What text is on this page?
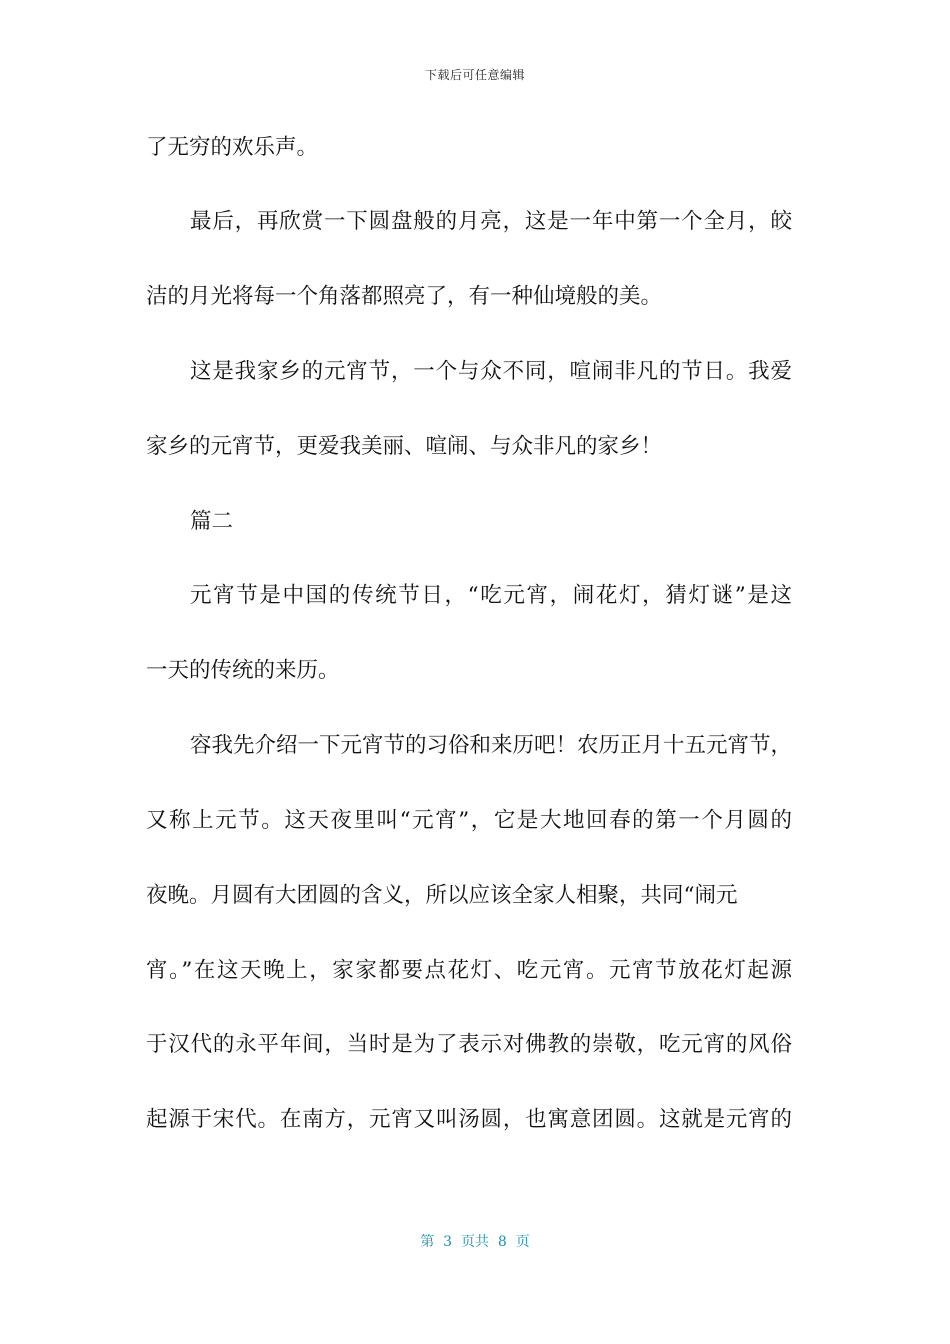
下载后可任意编辑
了无穷的欢乐声。
最后，再欣赏一下圆盘般的月亮，这是一年中第一个全月，皎
洁的月光将每一个角落都照亮了，有一种仙境般的美。
这是我家乡的元宵节，一个与众不同，喧闹非凡的节日。我爱
家乡的元宵节，更爱我美丽、喧闹、与众非凡的家乡！
篇二
元宵节是中国的传统节日，“吃元宵，闹花灯，猜灯谜”是这
一天的传统的来历。
容我先介绍一下元宵节的习俗和来历吧！农历正月十五元宵节，
又称上元节。这天夜里叫“元宵”，它是大地回春的第一个月圆的
夜晚。月圆有大团圆的含义，所以应该全家人相聚，共同“闹元
宵。”在这天晚上，家家都要点花灯、吃元宵。元宵节放花灯起源
于汉代的永平年间，当时是为了表示对佛教的崇敬，吃元宵的风俗
起源于宋代。在南方，元宵又叫汤圆，也寓意团圆。这就是元宵的
第  3  页共  8  页
